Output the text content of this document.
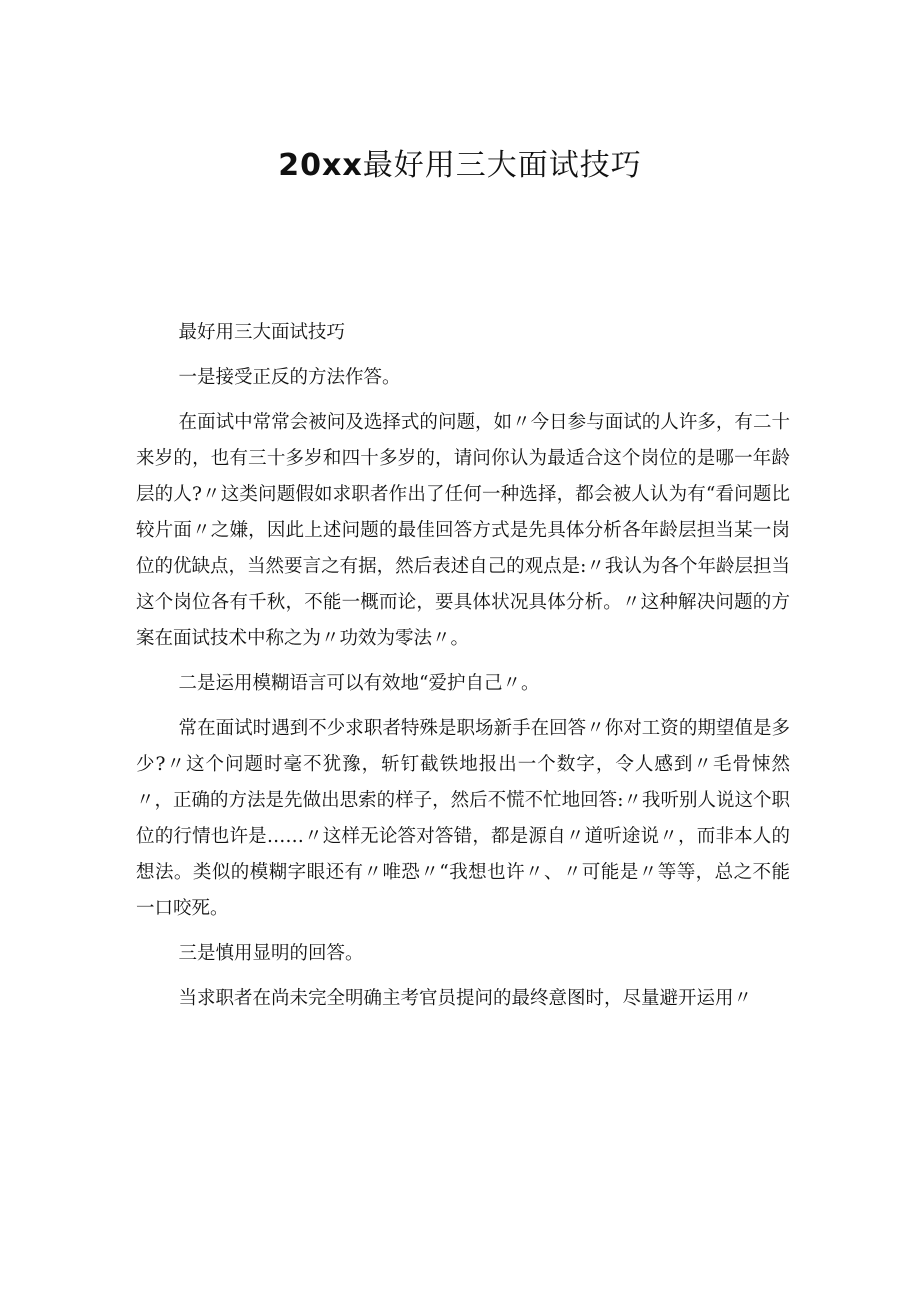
20xx最好用三大面试技巧

最好用三大面试技巧

一是接受正反的方法作答。

在面试中常常会被问及选择式的问题，如〃今日参与面试的人许多，有二十来岁的，也有三十多岁和四十多岁的，请问你认为最适合这个岗位的是哪一年龄层的人?〃这类问题假如求职者作出了任何一种选择，都会被人认为有“看问题比较片面〃之嫌，因此上述问题的最佳回答方式是先具体分析各年龄层担当某一岗位的优缺点，当然要言之有据，然后表述自己的观点是:〃我认为各个年龄层担当这个岗位各有千秋，不能一概而论，要具体状况具体分析。〃这种解决问题的方案在面试技术中称之为〃功效为零法〃。

二是运用模糊语言可以有效地“爱护自己〃。

常在面试时遇到不少求职者特殊是职场新手在回答〃你对工资的期望值是多少?〃这个问题时毫不犹豫，斩钉截铁地报出一个数字，令人感到〃毛骨悚然〃，正确的方法是先做出思索的样子，然后不慌不忙地回答:〃我听别人说这个职位的行情也许是……〃这样无论答对答错，都是源自〃道听途说〃，而非本人的想法。类似的模糊字眼还有〃唯恐〃“我想也许〃、〃可能是〃等等，总之不能一口咬死。

三是慎用显明的回答。

当求职者在尚未完全明确主考官员提问的最终意图时，尽量避开运用〃
